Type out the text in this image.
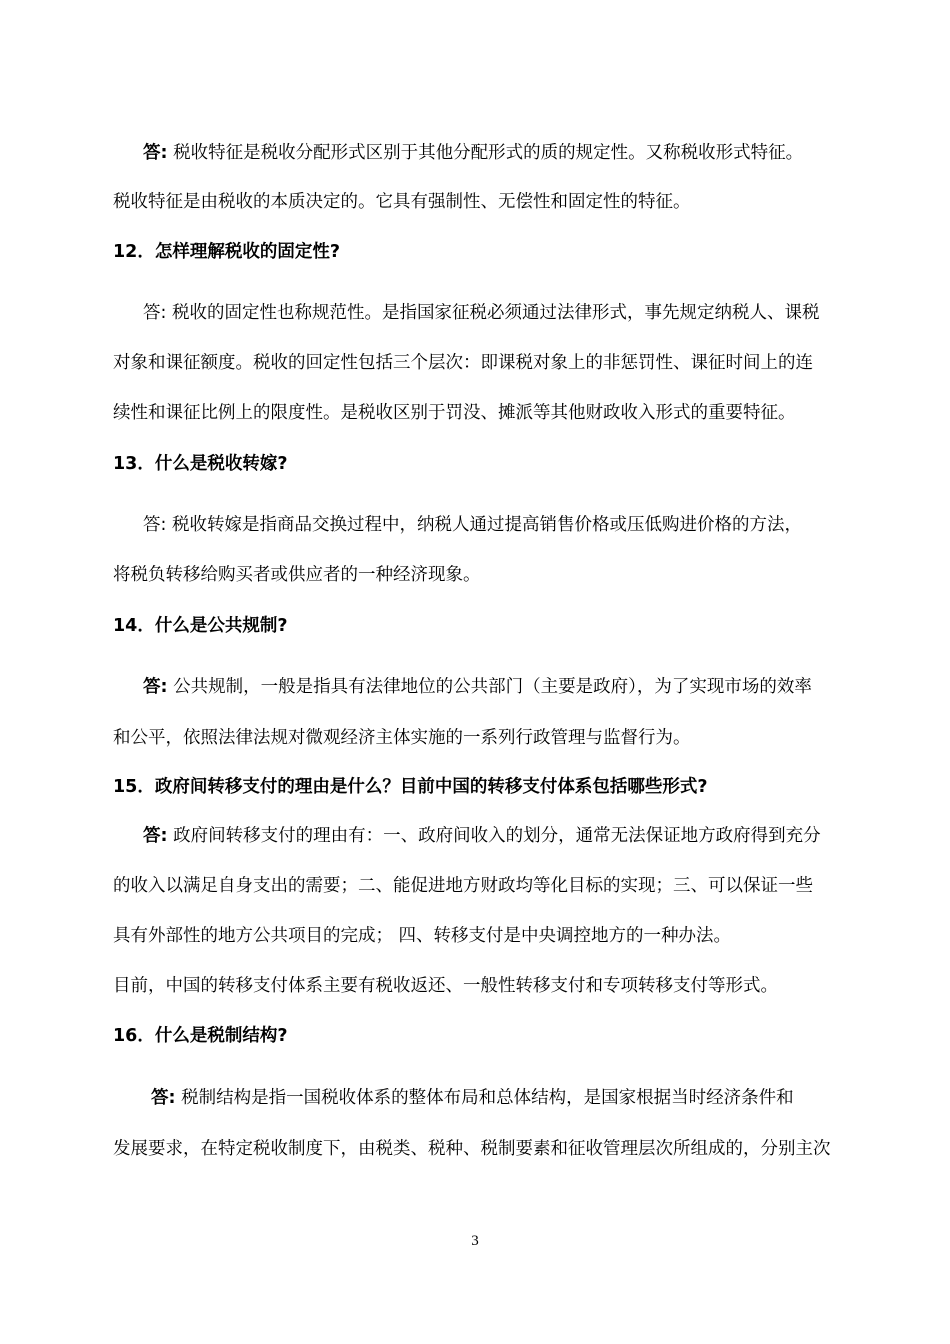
答: 税收特征是税收分配形式区别于其他分配形式的质的规定性。又称税收形式特征。
税收特征是由税收的本质决定的。它具有强制性、无偿性和固定性的特征。
12．怎样理解税收的固定性?
答: 税收的固定性也称规范性。是指国家征税必须通过法律形式，事先规定纳税人、课税
对象和课征额度。税收的回定性包括三个层次：即课税对象上的非惩罚性、课征时间上的连
续性和课征比例上的限度性。是税收区别于罚没、摊派等其他财政收入形式的重要特征。
13．什么是税收转嫁?
答: 税收转嫁是指商品交换过程中，纳税人通过提高销售价格或压低购进价格的方法，
将税负转移给购买者或供应者的一种经济现象。
14．什么是公共规制?
答: 公共规制，一般是指具有法律地位的公共部门（主要是政府），为了实现市场的效率
和公平，依照法律法规对微观经济主体实施的一系列行政管理与监督行为。
15．政府间转移支付的理由是什么？目前中国的转移支付体系包括哪些形式?
答: 政府间转移支付的理由有：一、政府间收入的划分，通常无法保证地方政府得到充分
的收入以满足自身支出的需要；二、能促进地方财政均等化目标的实现；三、可以保证一些
具有外部性的地方公共项目的完成； 四、转移支付是中央调控地方的一种办法。
目前，中国的转移支付体系主要有税收返还、一般性转移支付和专项转移支付等形式。
16．什么是税制结构?
答: 税制结构是指一国税收体系的整体布局和总体结构，是国家根据当时经济条件和
发展要求，在特定税收制度下，由税类、税种、税制要素和征收管理层次所组成的，分别主次
3
